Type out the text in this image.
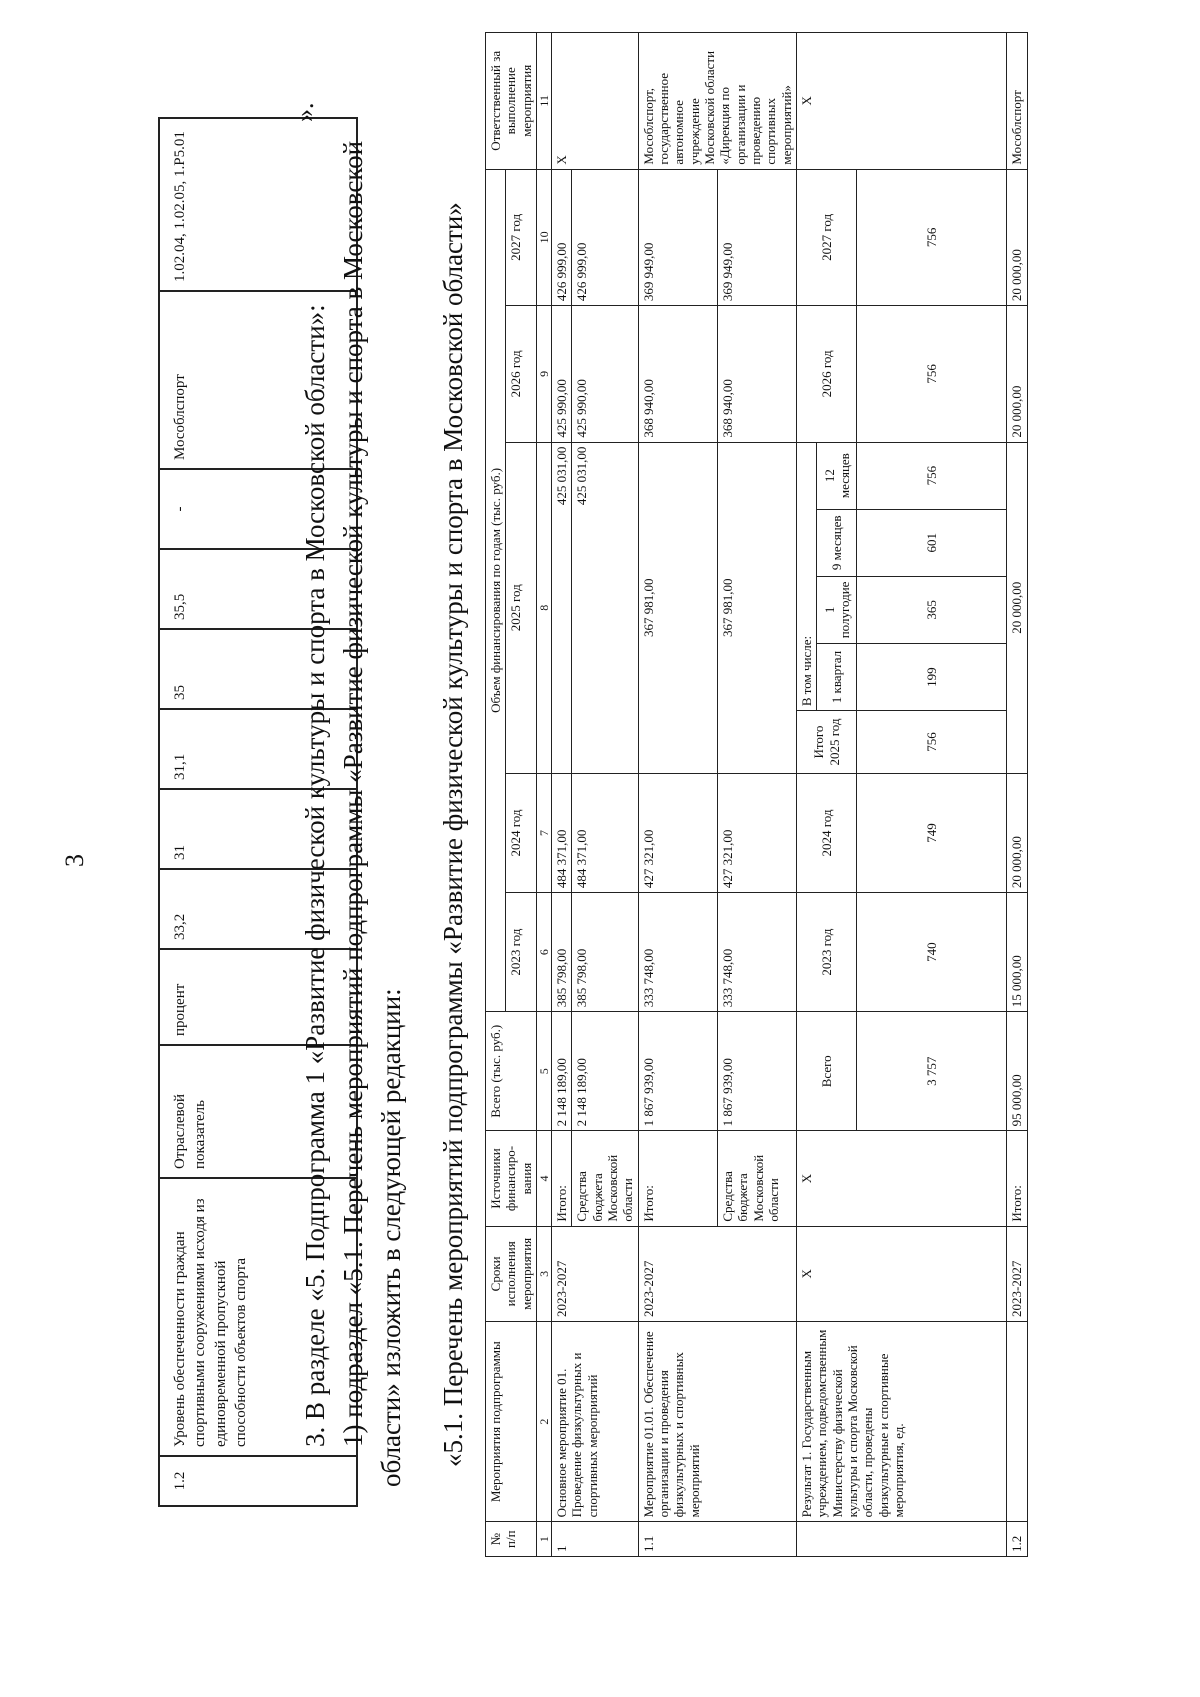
3
1.2	Уровень обеспеченности граждан спортивными сооружениями исходя из единовременной пропускной способности объектов спорта	Отраслевой показатель	процент	33,2	31	31,1	35	35,5	-	Мособлспорт	1.02.04, 1.02.05, 1.P5.01
».
3. В разделе «5. Подпрограмма 1 «Развитие физической культуры и спорта в Московской области»: 1) подраздел «5.1. Перечень мероприятий подпрограммы «Развитие физической культуры и спорта в Московской области» изложить в следующей редакции: «5.1. Перечень мероприятий подпрограммы «Развитие физической культуры и спорта в Московской области»
№ п/п	Мероприятия подпрограммы	Сроки исполнения мероприятия	Источники финансиро-вания	Всего (тыс. руб.)	Объем финансирования по годам (тыс. руб.)									Ответственный за выполнение мероприятия
					2023 год	2024 год	2025 год					2026 год	2027 год	

1	2	3	4	5	6	7	8					9	10	11
1	Основное мероприятие 01. Проведение физкультурных и спортивных мероприятий	2023-2027	Итого:	2 148 189,00	385 798,00	484 371,00	425 031,00					425 990,00	426 999,00	X
			Средства бюджета Московской области	2 148 189,00	385 798,00	484 371,00	425 031,00					425 990,00	426 999,00	
1.1	Мероприятие 01.01. Обеспечение организации и проведения физкультурных и спортивных мероприятий	2023-2027	Итого:	1 867 939,00	333 748,00	427 321,00	367 981,00					368 940,00	369 949,00	Мособлспорт, государственное автономное учреждение Московской области «Дирекция по организации и проведению спортивных мероприятий»
			Средства бюджета Московской области	1 867 939,00	333 748,00	427 321,00	367 981,00					368 940,00	369 949,00	
	Результат 1. Государственным учреждением, подведомственным Министерству физической культуры и спорта Московской области, проведены физкультурные и спортивные мероприятия, ед.	X	X	Всего	2023 год	2024 год	Итого 2025 год	В том числе:				2026 год	2027 год	X
								1 квартал	1 полугодие	9 месяцев	12 месяцев			

				3 757	740	749	756	199	365	601	756	756	756	
1.2		2023-2027	Итого:	95 000,00	15 000,00	20 000,00	20 000,00					20 000,00	20 000,00	Мособлспорт
